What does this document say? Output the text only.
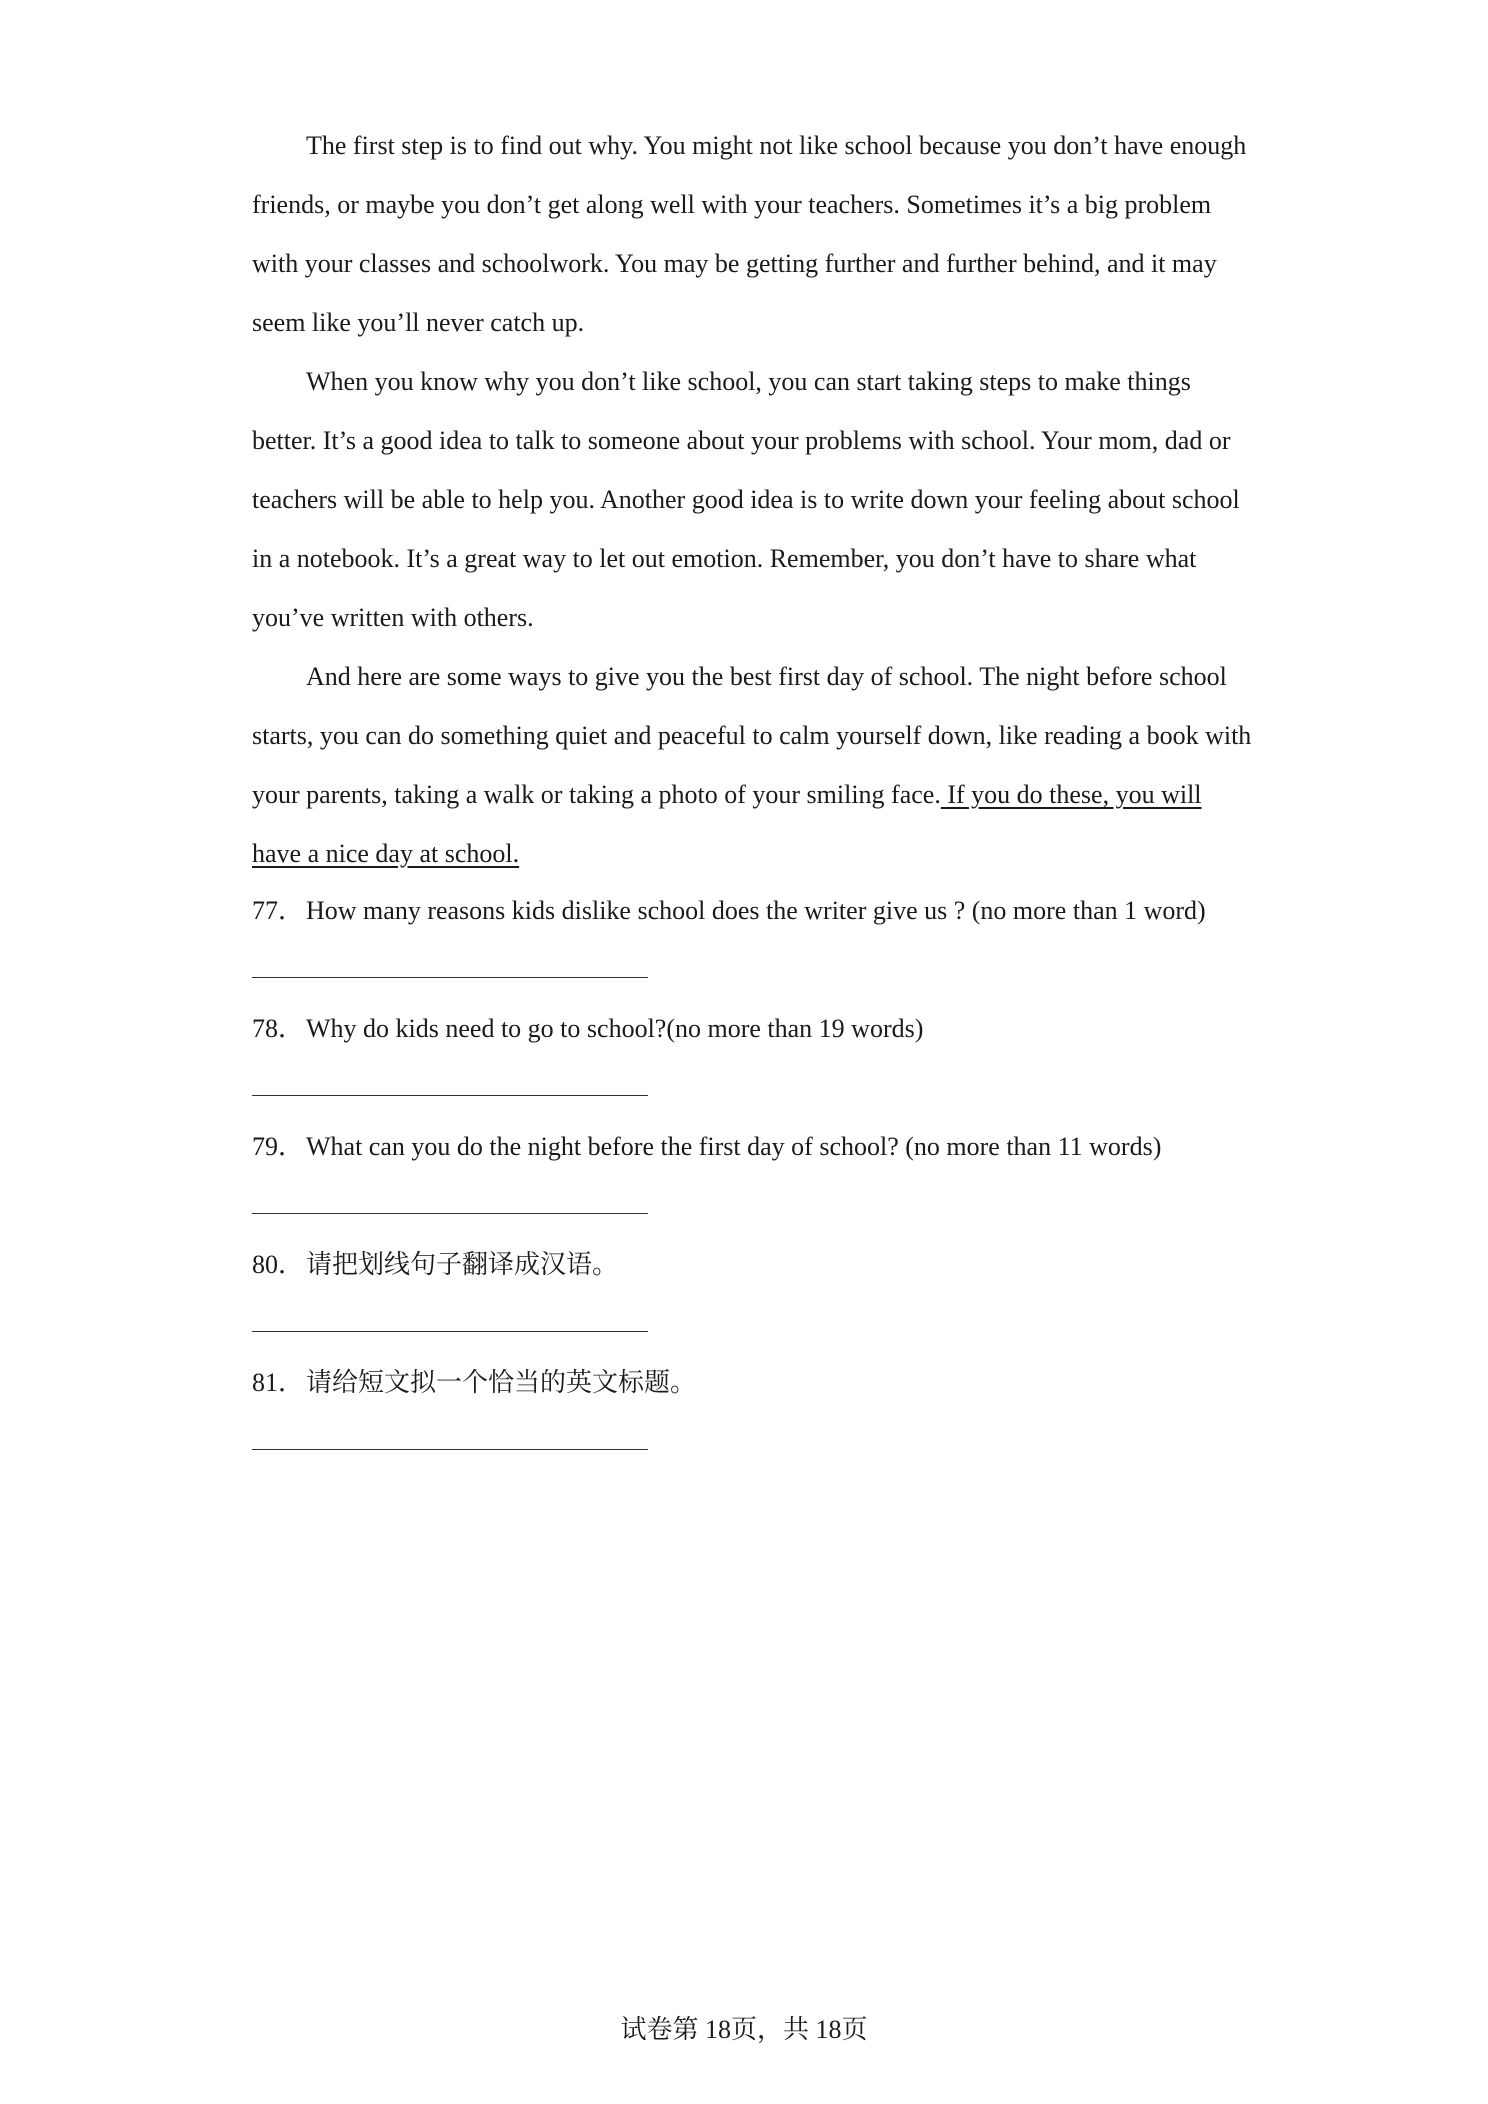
The first step is to find out why. You might not like school because you don’t have enough friends, or maybe you don’t get along well with your teachers. Sometimes it’s a big problem with your classes and schoolwork. You may be getting further and further behind, and it may seem like you’ll never catch up.

When you know why you don’t like school, you can start taking steps to make things better. It’s a good idea to talk to someone about your problems with school. Your mom, dad or teachers will be able to help you. Another good idea is to write down your feeling about school in a notebook. It’s a great way to let out emotion. Remember, you don’t have to share what you’ve written with others.

And here are some ways to give you the best first day of school. The night before school starts, you can do something quiet and peaceful to calm yourself down, like reading a book with your parents, taking a walk or taking a photo of your smiling face. If you do these, you will have a nice day at school.

77．How many reasons kids dislike school does the writer give us ? (no more than 1 word)
78．Why do kids need to go to school?(no more than 19 words)
79．What can you do the night before the first day of school? (no more than 11 words)
80．请把划线句子翻译成汉语。
81．请给短文拟一个恰当的英文标题。
试卷第 18页，共 18页
